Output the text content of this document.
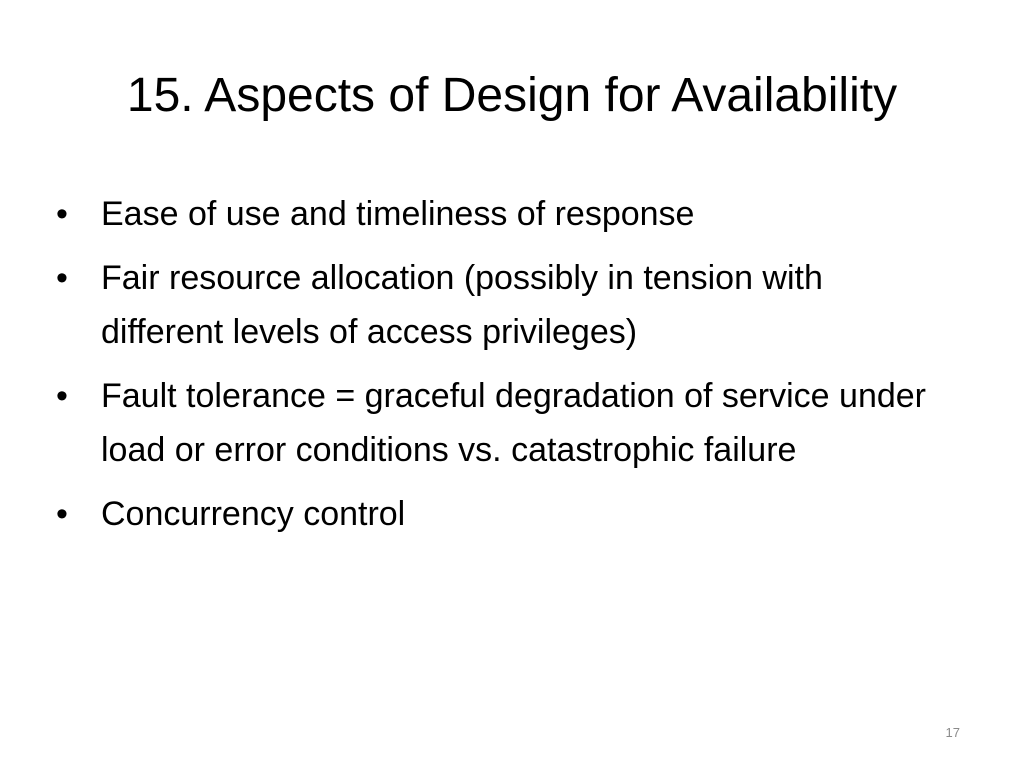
15. Aspects of Design for Availability
• Ease of use and timeliness of response
• Fair resource allocation (possibly in tension with different levels of access privileges)
• Fault tolerance = graceful degradation of service under load or error conditions vs. catastrophic failure
• Concurrency control
17
